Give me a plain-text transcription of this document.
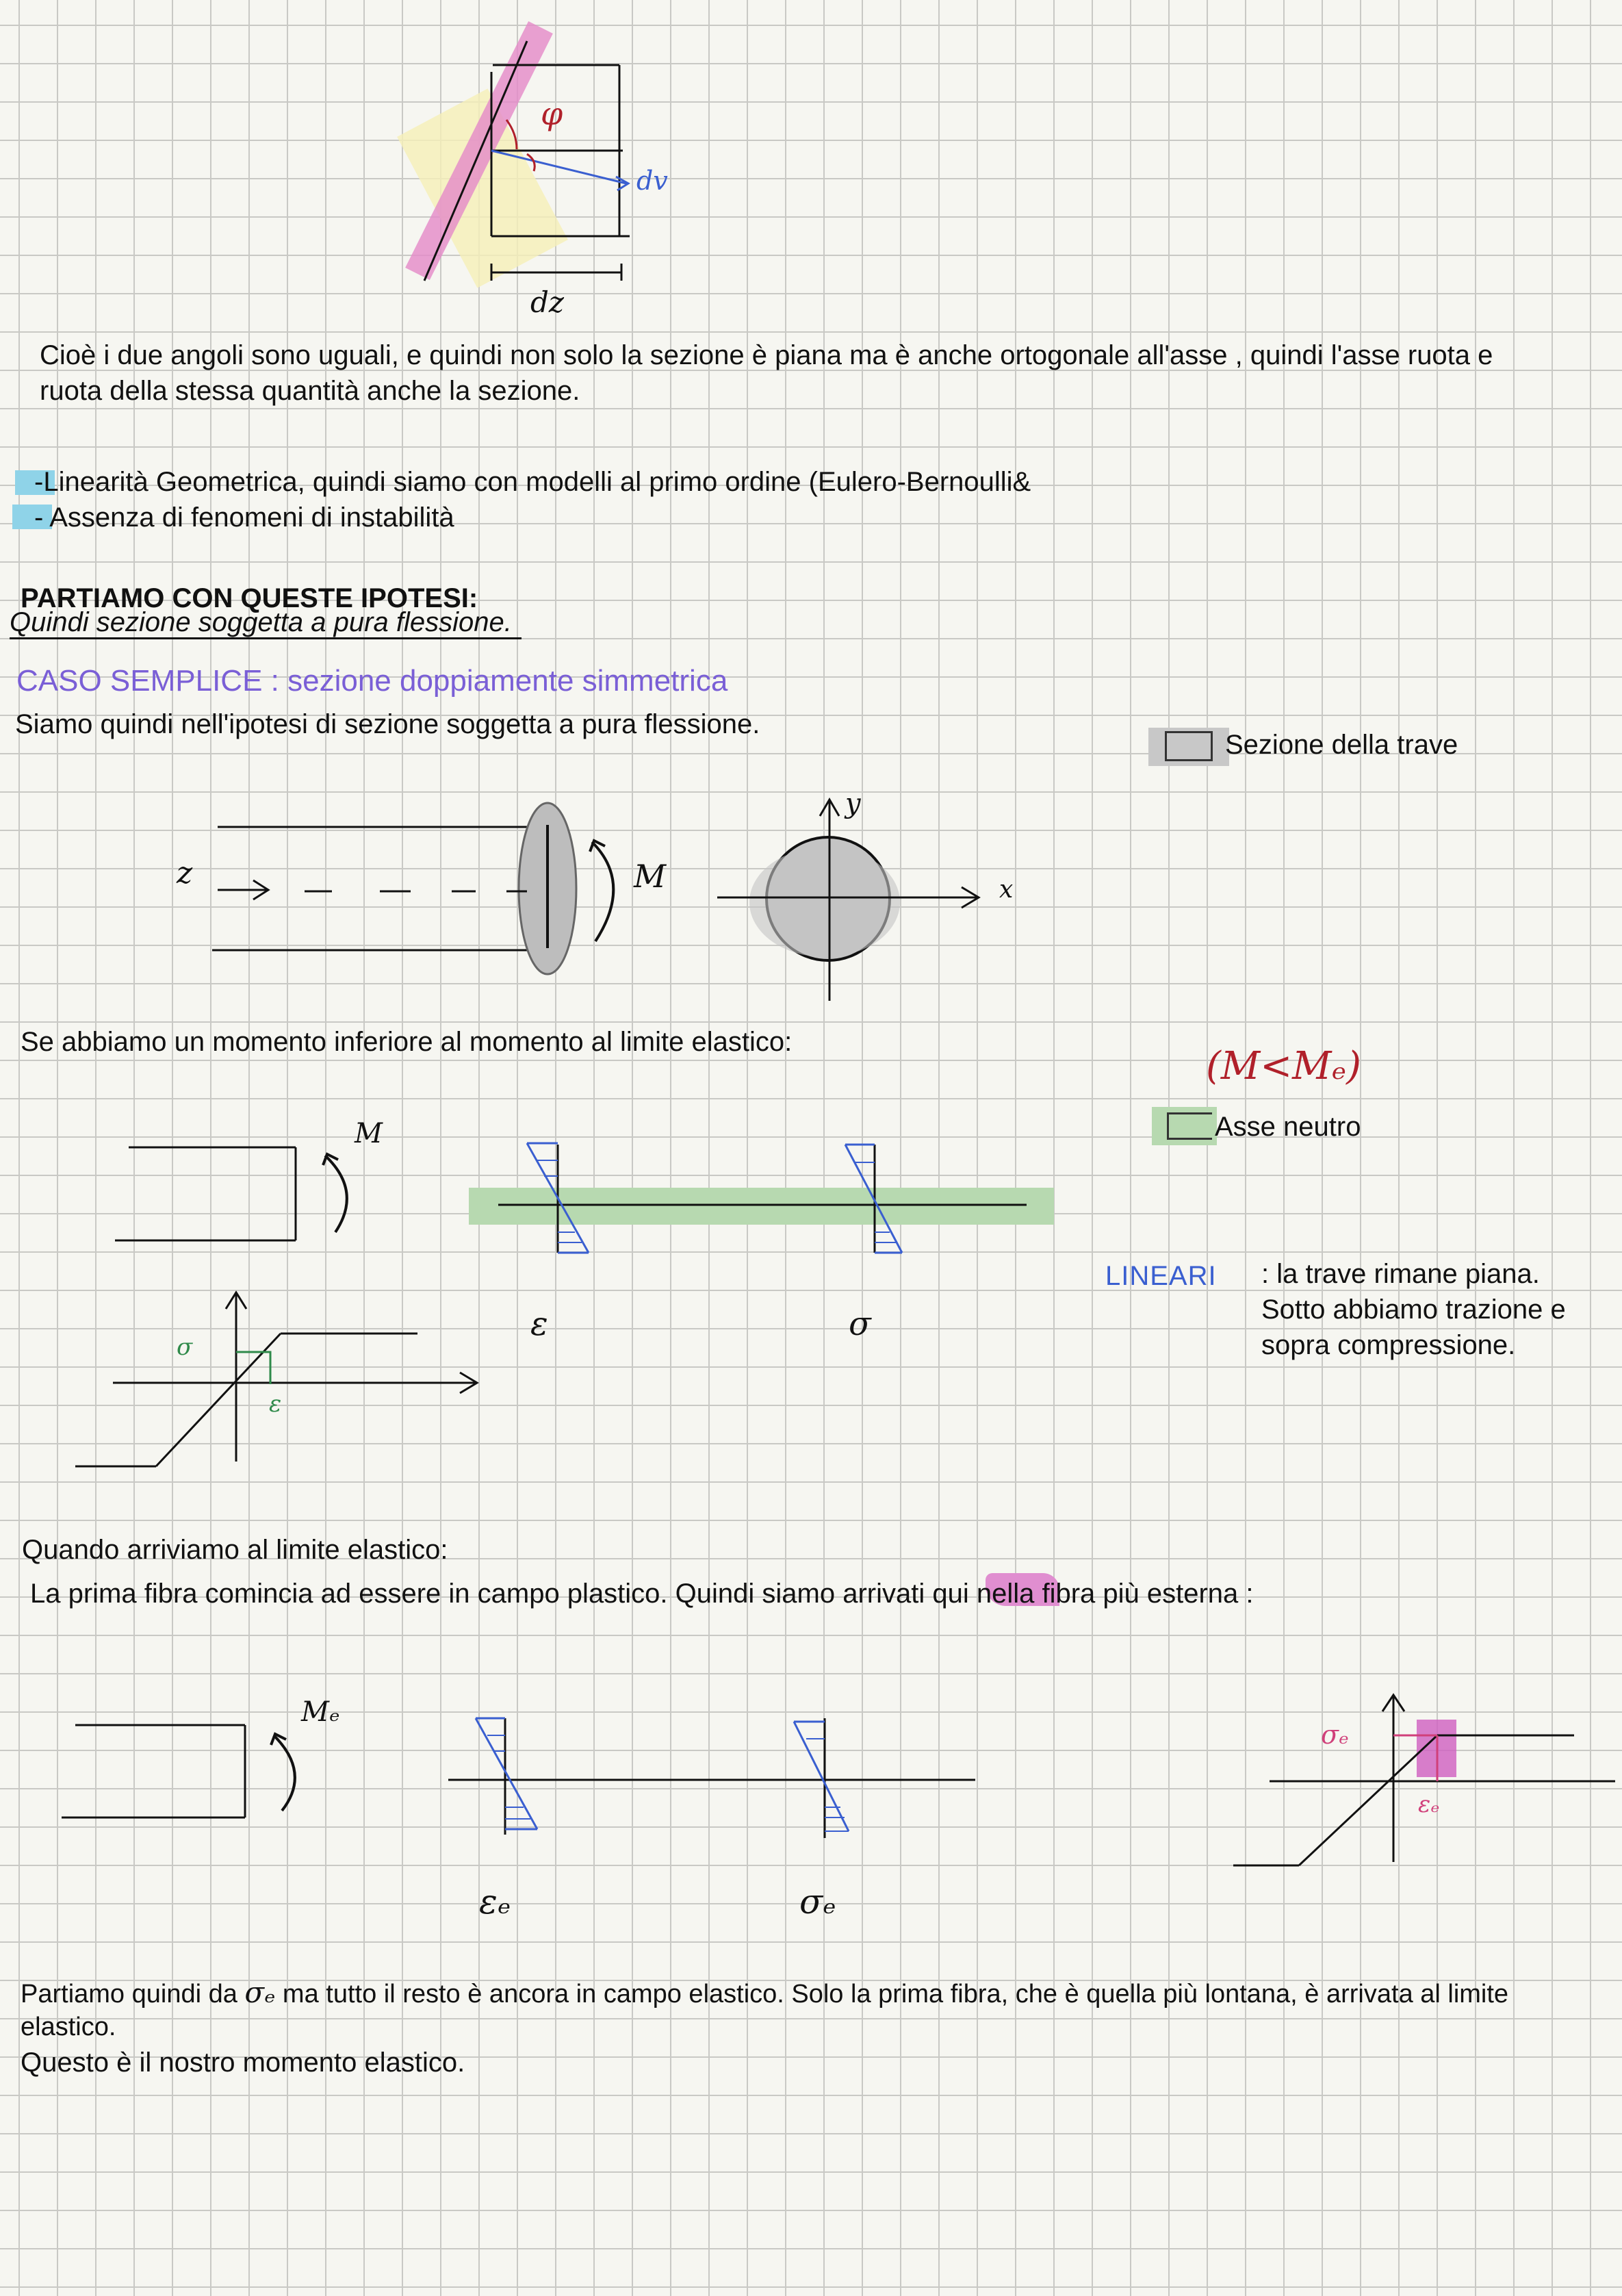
φ
dv
dz

Cioè i due angoli sono uguali, e quindi non solo la sezione è piana ma è anche ortogonale all'asse , quindi l'asse ruota e ruota della stessa quantità anche la sezione.

-Linearità Geometrica, quindi siamo con modelli al primo ordine (Eulero-Bernoulli&
- Assenza di fenomeni di instabilità
PARTIAMO CON QUESTE IPOTESI:
Quindi sezione soggetta a pura flessione.
CASO SEMPLICE : sezione doppiamente simmetrica
Siamo quindi nell'ipotesi di sezione soggetta a pura flessione.
Sezione della trave
z	M
y
x
Se abbiamo un momento inferiore al momento al limite elastico:
(M<Mₑ)
Asse neutro
M
ε	σ
σ
ε
LINEARI : la trave rimane piana. Sotto abbiamo trazione e sopra compressione.

Quando arriviamo al limite elastico:
La prima fibra comincia ad essere in campo plastico. Quindi siamo arrivati qui nella fibra più esterna :
Mₑ
εₑ	σₑ
σₑ
εₑ

Partiamo quindi da σₑ ma tutto il resto è ancora in campo elastico. Solo la prima fibra, che è quella più lontana, è arrivata al limite elastico.

Questo è il nostro momento elastico.
